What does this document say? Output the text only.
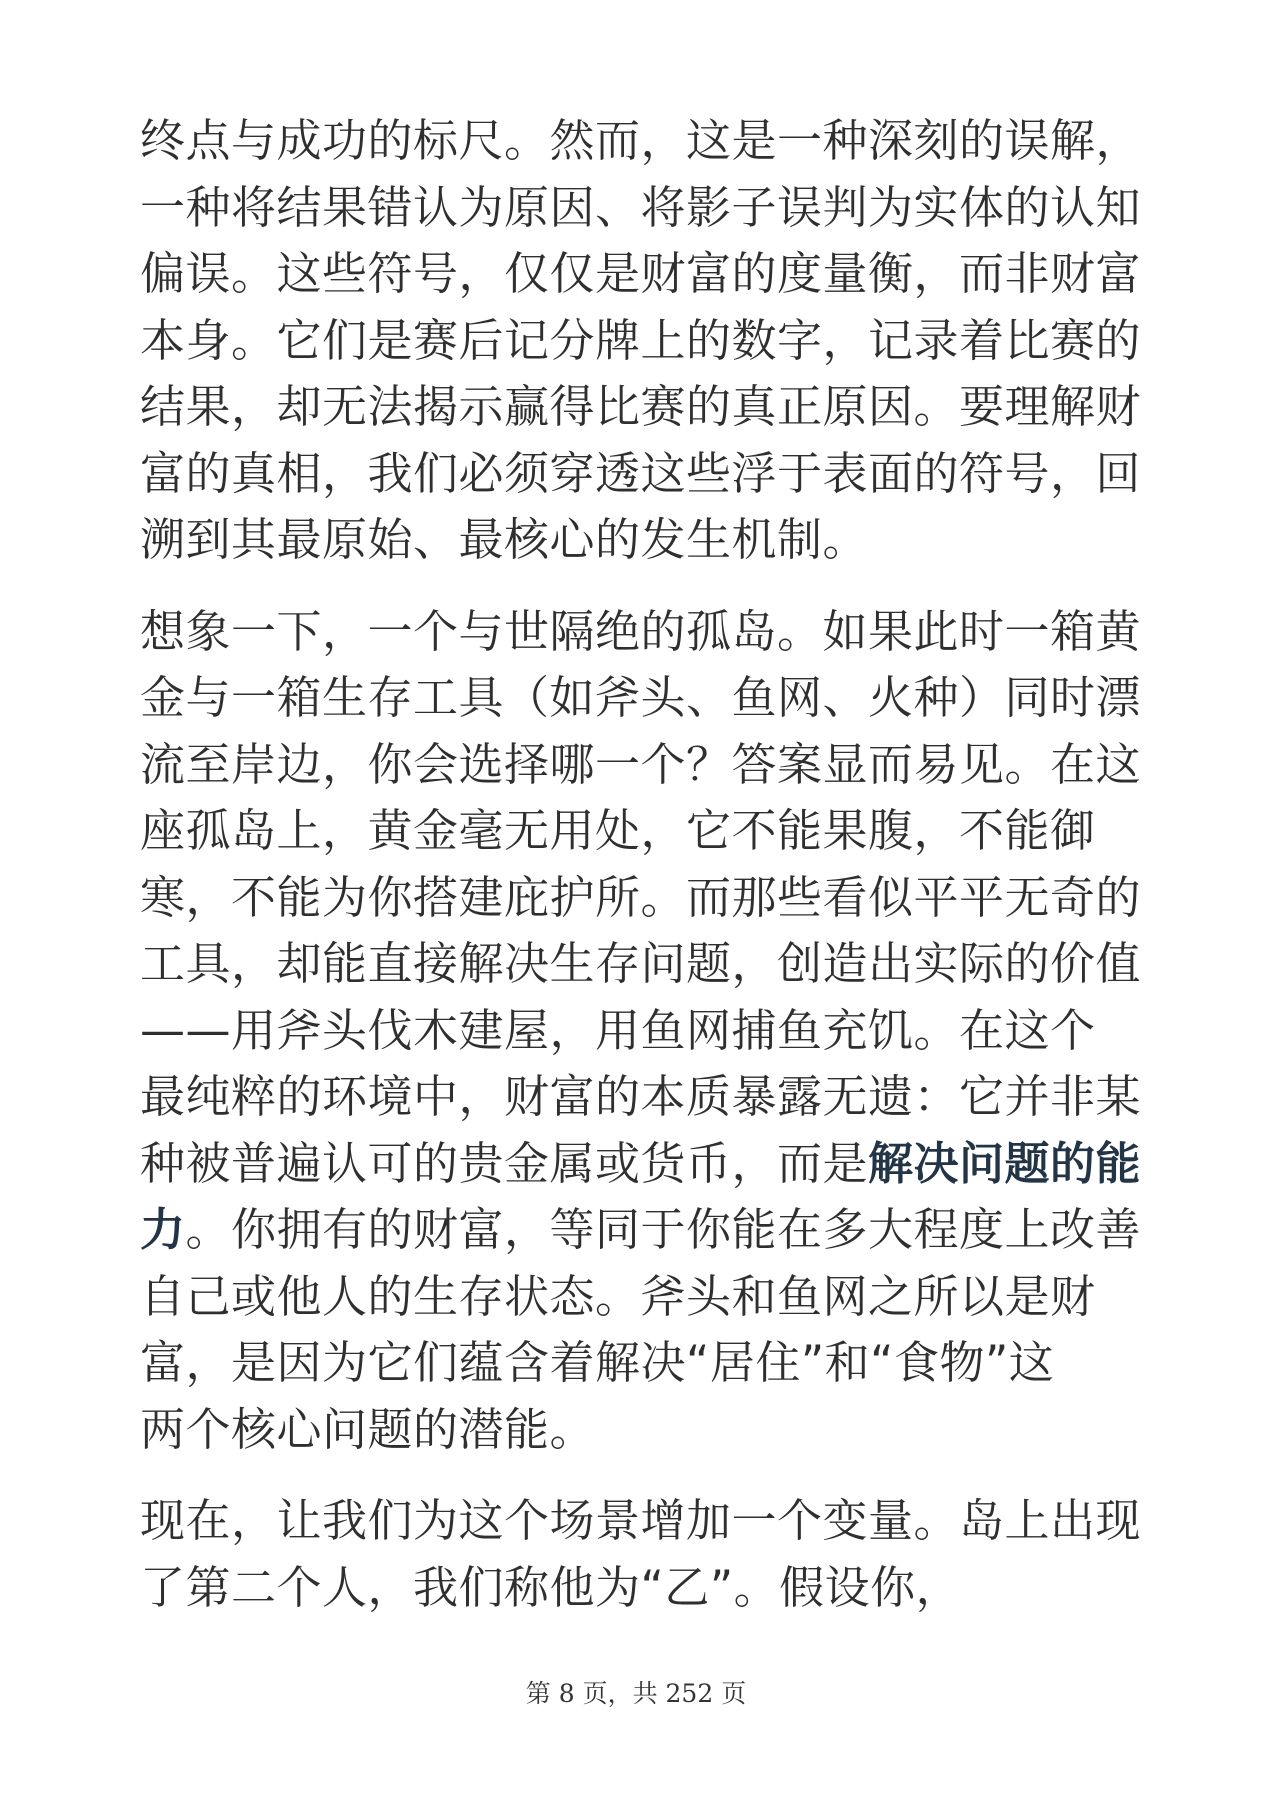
终点与成功的标尺。然而，这是一种深刻的误解，
一种将结果错认为原因、将影子误判为实体的认知
偏误。这些符号，仅仅是财富的度量衡，而非财富
本身。它们是赛后记分牌上的数字，记录着比赛的
结果，却无法揭示赢得比赛的真正原因。要理解财
富的真相，我们必须穿透这些浮于表面的符号，回
溯到其最原始、最核心的发生机制。
想象一下，一个与世隔绝的孤岛。如果此时一箱黄
金与一箱生存工具（如斧头、鱼网、火种）同时漂
流至岸边，你会选择哪一个？答案显而易见。在这
座孤岛上，黄金毫无用处，它不能果腹，不能御
寒，不能为你搭建庇护所。而那些看似平平无奇的
工具，却能直接解决生存问题，创造出实际的价值
——用斧头伐木建屋，用鱼网捕鱼充饥。在这个
最纯粹的环境中，财富的本质暴露无遗：它并非某
种被普遍认可的贵金属或货币，而是解决问题的能
力。你拥有的财富，等同于你能在多大程度上改善
自己或他人的生存状态。斧头和鱼网之所以是财
富，是因为它们蕴含着解决“居住”和“食物”这
两个核心问题的潜能。
现在，让我们为这个场景增加一个变量。岛上出现
了第二个人，我们称他为“乙”。假设你，
第 8 页，共 252 页
